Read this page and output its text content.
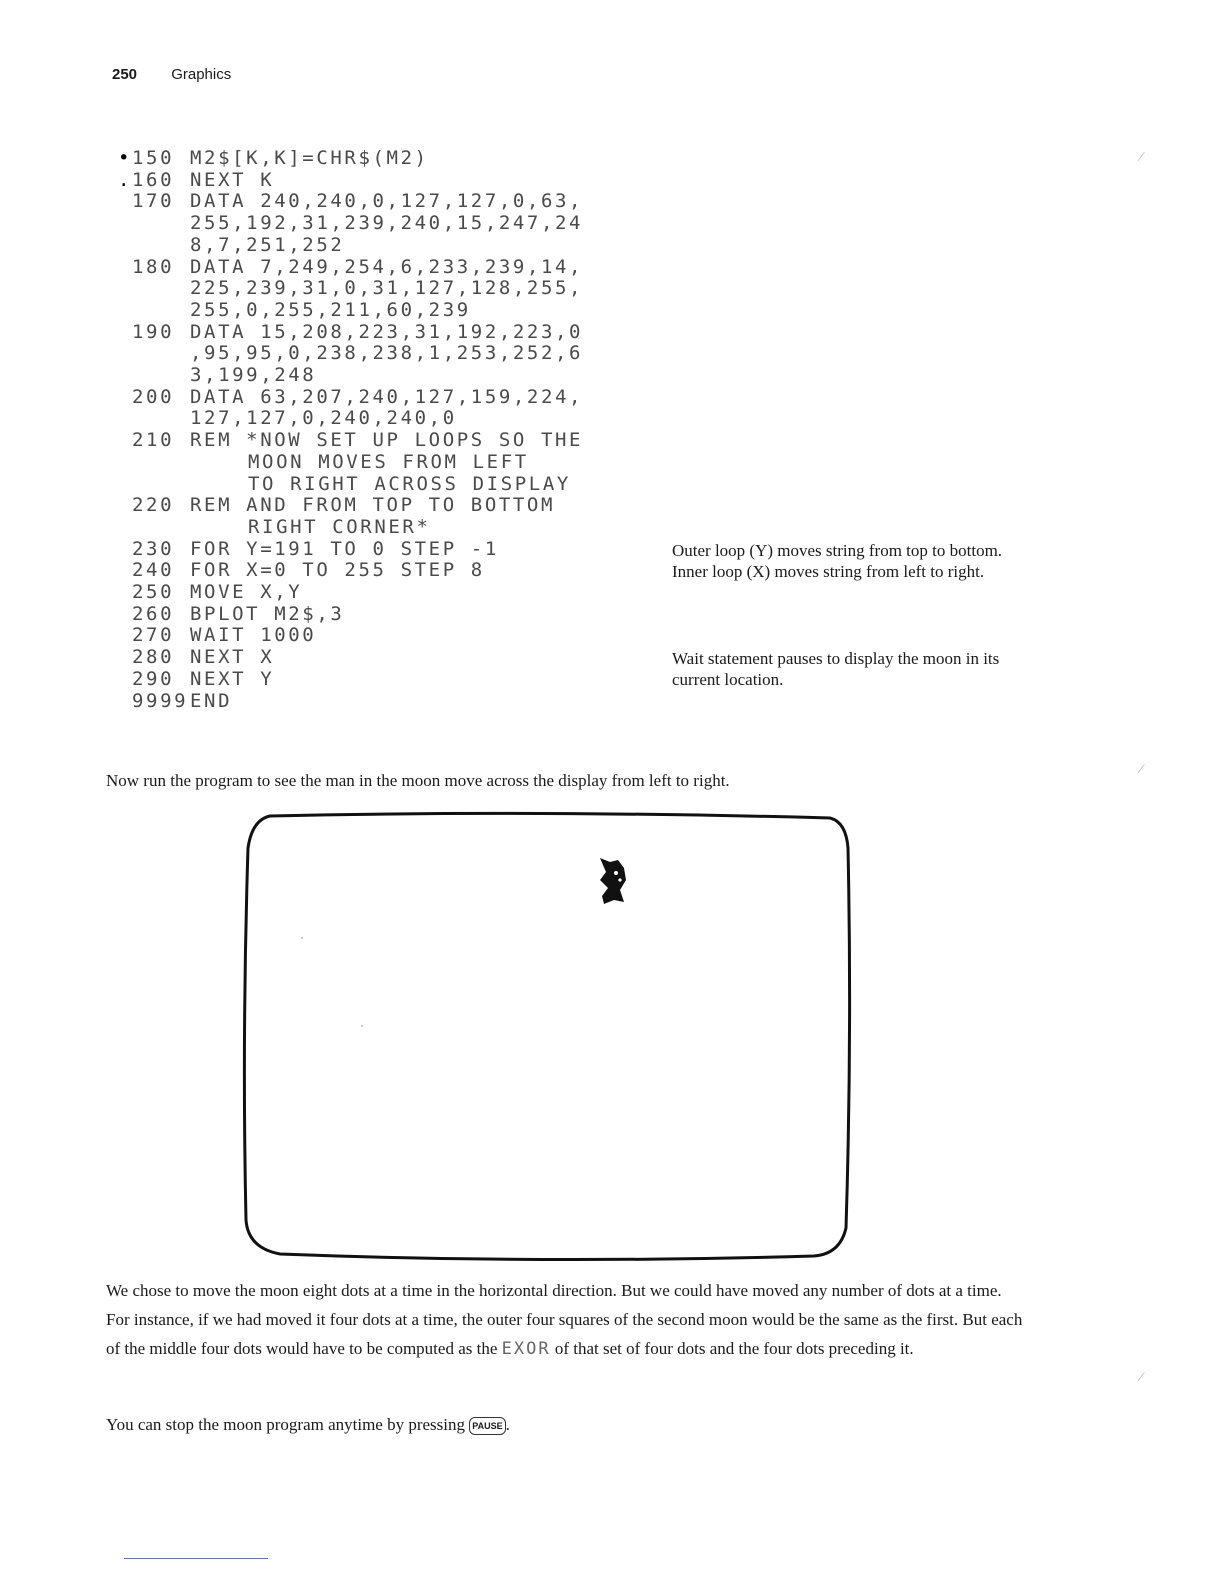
250 Graphics
• 150 M2$[K,K]=CHR$(M2)
. 160 NEXT K
170 DATA 240,240,0,127,127,0,63,
255,192,31,239,240,15,247,24
8,7,251,252
180 DATA 7,249,254,6,233,239,14,
225,239,31,0,31,127,128,255,
255,0,255,211,60,239
190 DATA 15,208,223,31,192,223,0
,95,95,0,238,238,1,253,252,6
3,199,248
200 DATA 63,207,240,127,159,224,
127,127,0,240,240,0
210 REM *NOW SET UP LOOPS SO THE
MOON MOVES FROM LEFT
TO RIGHT ACROSS DISPLAY
220 REM AND FROM TOP TO BOTTOM
RIGHT CORNER*
230 FOR Y=191 TO 0 STEP -1
240 FOR X=0 TO 255 STEP 8
250 MOVE X,Y
260 BPLOT M2$,3
270 WAIT 1000
280 NEXT X
290 NEXT Y
9999 END

Outer loop (Y) moves string from top to bottom.

Inner loop (X) moves string from left to right.

Wait statement pauses to display the moon in its current location.

Now run the program to see the man in the moon move across the display from left to right.

We chose to move the moon eight dots at a time in the horizontal direction. But we could have moved any number of dots at a time. For instance, if we had moved it four dots at a time, the outer four squares of the second moon would be the same as the first. But each of the middle four dots would have to be computed as the EXOR of that set of four dots and the four dots preceding it.

You can stop the moon program anytime by pressing PAUSE .

⁄
⁄
⁄
